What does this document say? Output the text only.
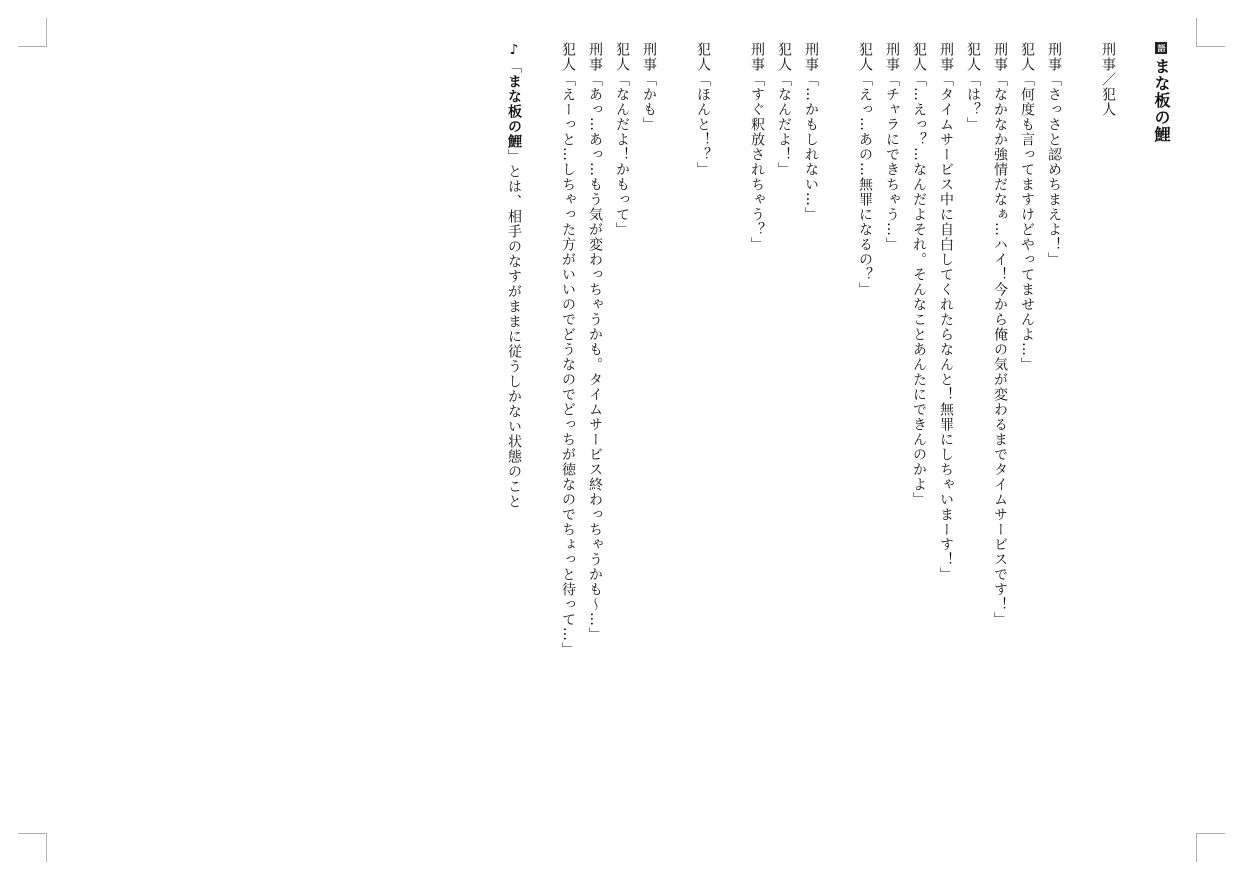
語まな板の鯉
刑事／犯人
刑事「さっさと認めちまえよ！」
犯人「何度も言ってますけどやってませんよ…」
刑事「なかなか強情だなぁ…ハイ！今から俺の気が変わるまでタイムサービスです！」
犯人「は？」
刑事「タイムサービス中に自白してくれたらなんと！無罪にしちゃいまーす！」
犯人「…えっ？…なんだよそれ。そんなことあんたにできんのかよ」
刑事「チャラにできちゃう…」
犯人「えっ…あの…無罪になるの？」
刑事「…かもしれない…」
犯人「なんだよ！」
刑事「すぐ釈放されちゃう？」
犯人「ほんと！？」
刑事「かも」
犯人「なんだよ！かもって」
刑事「あっ…あっ…もう気が変わっちゃうかも。タイムサービス終わっちゃうかも～…」
犯人「えーっと…しちゃった方がいいのでどうなのでどっちが徳なのでちょっと待って…」
♪「まな板の鯉」とは、相手のなすがままに従うしかない状態のこと
